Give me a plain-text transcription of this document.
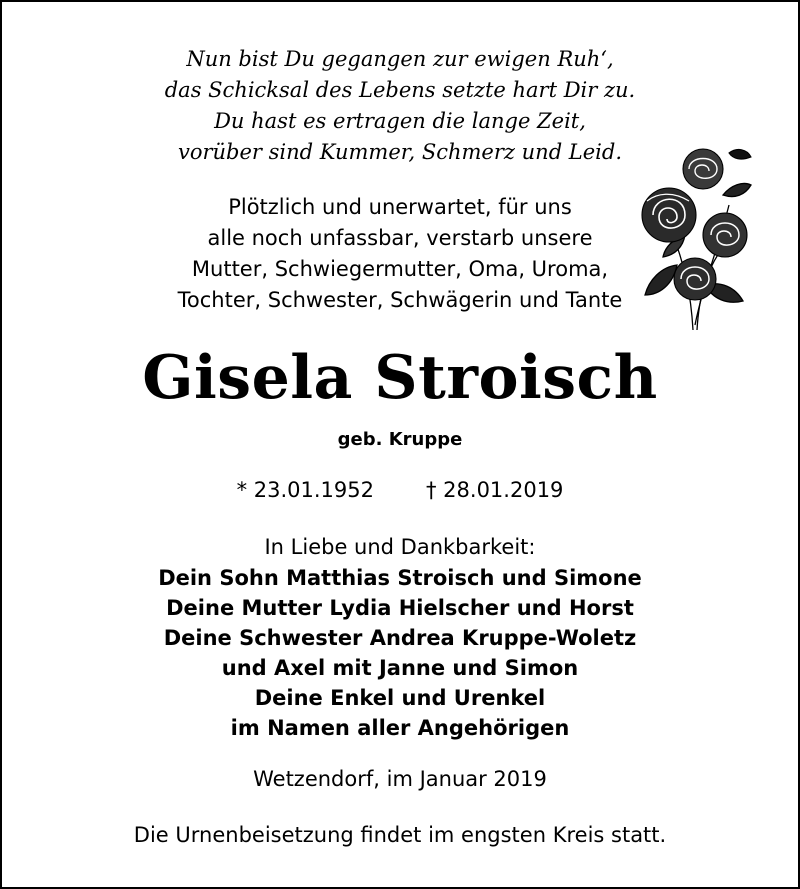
Nun bist Du gegangen zur ewigen Ruh‘,

das Schicksal des Lebens setzte hart Dir zu.

Du hast es ertragen die lange Zeit,

vorüber sind Kummer, Schmerz und Leid.

Plötzlich und unerwartet, für uns

alle noch unfassbar, verstarb unsere

Mutter, Schwiegermutter, Oma, Uroma,

Tochter, Schwester, Schwägerin und Tante

Gisela Stroisch

geb. Kruppe

* 23.01.1952 † 28.01.2019

In Liebe und Dankbarkeit:

Dein Sohn Matthias Stroisch und Simone

Deine Mutter Lydia Hielscher und Horst

Deine Schwester Andrea Kruppe-Woletz

und Axel mit Janne und Simon

Deine Enkel und Urenkel

im Namen aller Angehörigen

Wetzendorf, im Januar 2019

Die Urnenbeisetzung findet im engsten Kreis statt.
